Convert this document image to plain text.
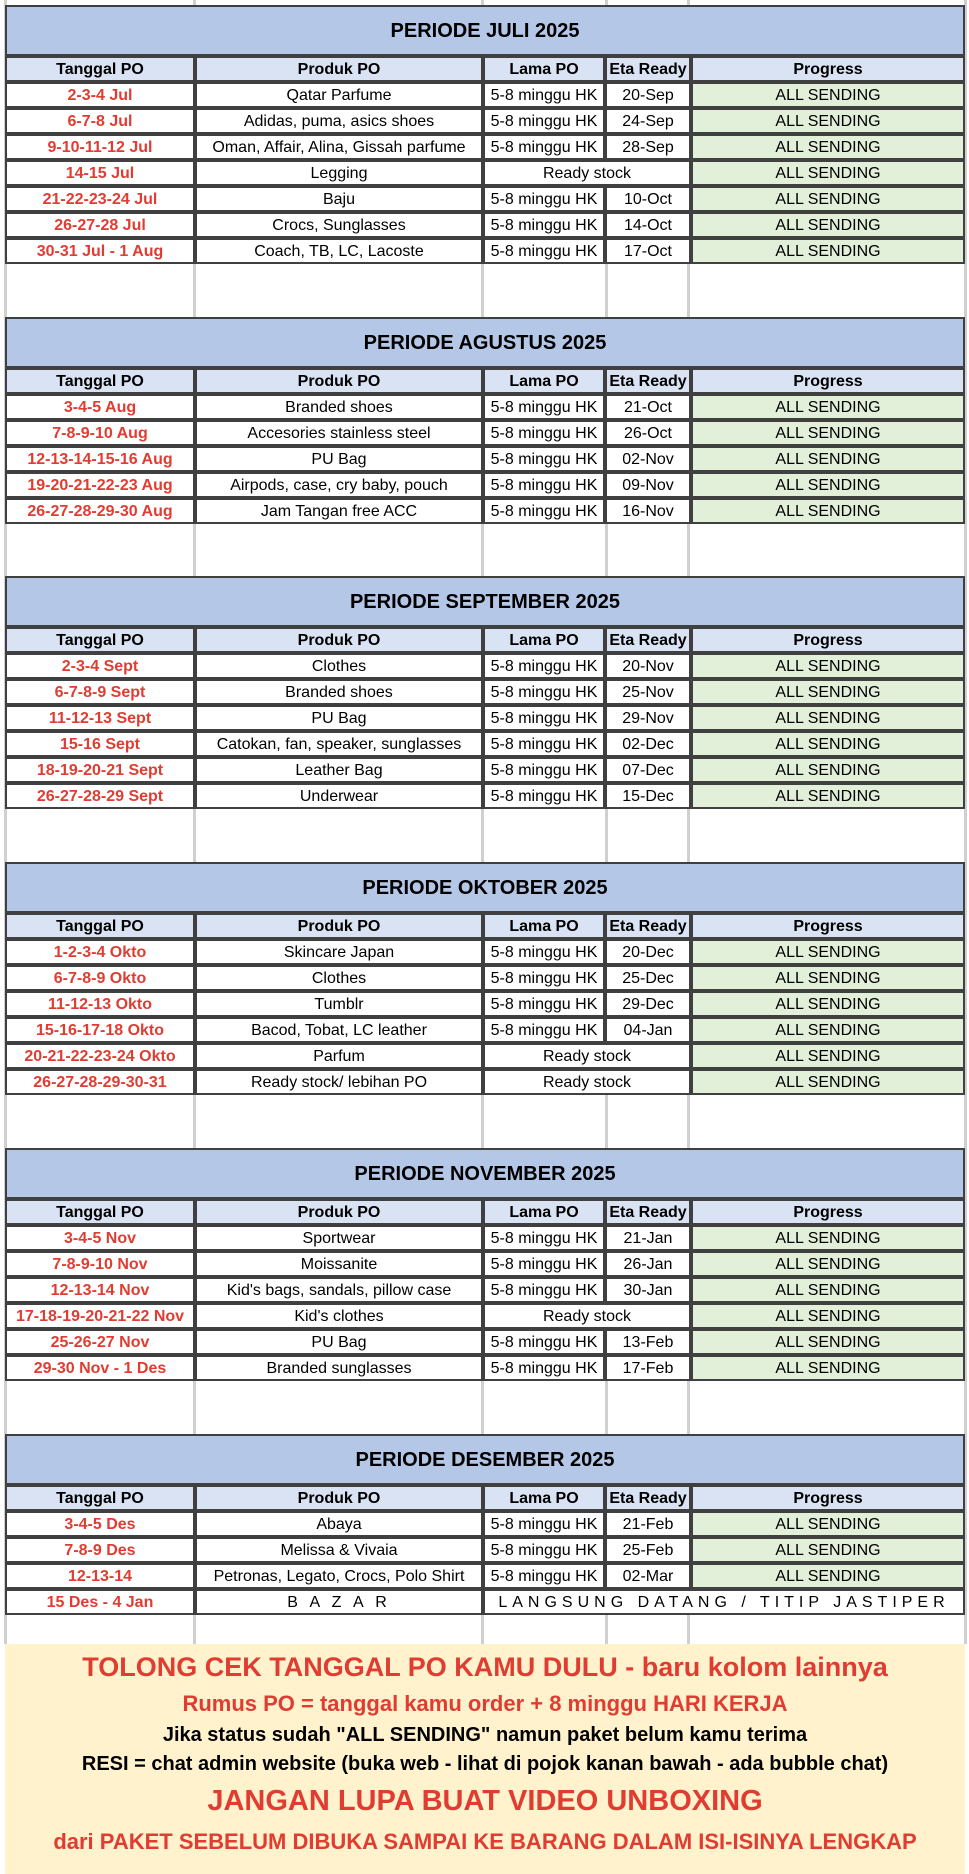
PERIODE JULI 2025
Tanggal PO	Produk PO	Lama PO	Eta Ready	Progress
2-3-4 Jul	Qatar Parfume	5-8 minggu HK	20-Sep	ALL SENDING
6-7-8 Jul	Adidas, puma, asics shoes	5-8 minggu HK	24-Sep	ALL SENDING
9-10-11-12 Jul	Oman, Affair, Alina, Gissah parfume	5-8 minggu HK	28-Sep	ALL SENDING
14-15 Jul	Legging	Ready stock	ALL SENDING
21-22-23-24 Jul	Baju	5-8 minggu HK	10-Oct	ALL SENDING
26-27-28 Jul	Crocs, Sunglasses	5-8 minggu HK	14-Oct	ALL SENDING
30-31 Jul - 1 Aug	Coach, TB, LC, Lacoste	5-8 minggu HK	17-Oct	ALL SENDING
PERIODE AGUSTUS 2025
Tanggal PO	Produk PO	Lama PO	Eta Ready	Progress
3-4-5 Aug	Branded shoes	5-8 minggu HK	21-Oct	ALL SENDING
7-8-9-10 Aug	Accesories stainless steel	5-8 minggu HK	26-Oct	ALL SENDING
12-13-14-15-16 Aug	PU Bag	5-8 minggu HK	02-Nov	ALL SENDING
19-20-21-22-23 Aug	Airpods, case, cry baby, pouch	5-8 minggu HK	09-Nov	ALL SENDING
26-27-28-29-30 Aug	Jam Tangan free ACC	5-8 minggu HK	16-Nov	ALL SENDING
PERIODE SEPTEMBER 2025
Tanggal PO	Produk PO	Lama PO	Eta Ready	Progress
2-3-4 Sept	Clothes	5-8 minggu HK	20-Nov	ALL SENDING
6-7-8-9 Sept	Branded shoes	5-8 minggu HK	25-Nov	ALL SENDING
11-12-13 Sept	PU Bag	5-8 minggu HK	29-Nov	ALL SENDING
15-16 Sept	Catokan, fan, speaker, sunglasses	5-8 minggu HK	02-Dec	ALL SENDING
18-19-20-21 Sept	Leather Bag	5-8 minggu HK	07-Dec	ALL SENDING
26-27-28-29 Sept	Underwear	5-8 minggu HK	15-Dec	ALL SENDING
PERIODE OKTOBER 2025
Tanggal PO	Produk PO	Lama PO	Eta Ready	Progress
1-2-3-4 Okto	Skincare Japan	5-8 minggu HK	20-Dec	ALL SENDING
6-7-8-9 Okto	Clothes	5-8 minggu HK	25-Dec	ALL SENDING
11-12-13 Okto	Tumblr	5-8 minggu HK	29-Dec	ALL SENDING
15-16-17-18 Okto	Bacod, Tobat, LC leather	5-8 minggu HK	04-Jan	ALL SENDING
20-21-22-23-24 Okto	Parfum	Ready stock	ALL SENDING
26-27-28-29-30-31	Ready stock/ lebihan PO	Ready stock	ALL SENDING
PERIODE NOVEMBER 2025
Tanggal PO	Produk PO	Lama PO	Eta Ready	Progress
3-4-5 Nov	Sportwear	5-8 minggu HK	21-Jan	ALL SENDING
7-8-9-10 Nov	Moissanite	5-8 minggu HK	26-Jan	ALL SENDING
12-13-14 Nov	Kid's bags, sandals, pillow case	5-8 minggu HK	30-Jan	ALL SENDING
17-18-19-20-21-22 Nov	Kid's clothes	Ready stock	ALL SENDING
25-26-27 Nov	PU Bag	5-8 minggu HK	13-Feb	ALL SENDING
29-30 Nov - 1 Des	Branded sunglasses	5-8 minggu HK	17-Feb	ALL SENDING
PERIODE DESEMBER 2025
Tanggal PO	Produk PO	Lama PO	Eta Ready	Progress
3-4-5 Des	Abaya	5-8 minggu HK	21-Feb	ALL SENDING
7-8-9 Des	Melissa & Vivaia	5-8 minggu HK	25-Feb	ALL SENDING
12-13-14	Petronas, Legato, Crocs, Polo Shirt	5-8 minggu HK	02-Mar	ALL SENDING
15 Des - 4 Jan	B A Z A R	LANGSUNG DATANG / TITIP JASTIPER
TOLONG CEK TANGGAL PO KAMU DULU - baru kolom lainnya
Rumus PO = tanggal kamu order + 8 minggu HARI KERJA
Jika status sudah "ALL SENDING" namun paket belum kamu terima
RESI = chat admin website (buka web - lihat di pojok kanan bawah - ada bubble chat)
JANGAN LUPA BUAT VIDEO UNBOXING
dari PAKET SEBELUM DIBUKA SAMPAI KE BARANG DALAM ISI-ISINYA LENGKAP
